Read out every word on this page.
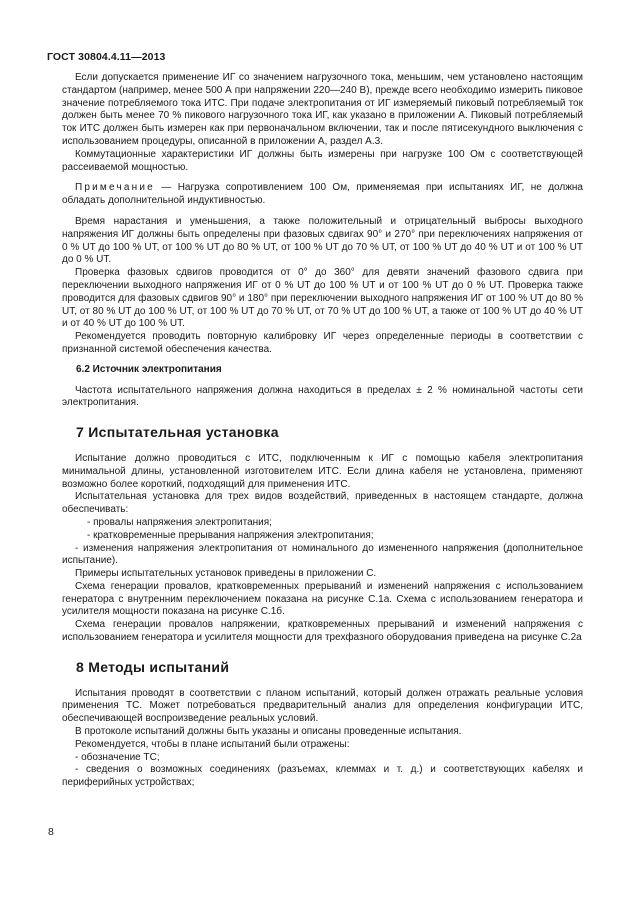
ГОСТ 30804.4.11—2013

Если допускается применение ИГ со значением нагрузочного тока, меньшим, чем установлено настоящим стандартом (например, менее 500 А при напряжении 220—240 В), прежде всего необходимо измерить пиковое значение потребляемого тока ИТС. При подаче электропитания от ИГ измеряемый пиковый потребляемый ток должен быть менее 70 % пикового нагрузочного тока ИГ, как указано в приложении А. Пиковый потребляемый ток ИТС должен быть измерен как при первоначальном включении, так и после пятисекундного выключения с использованием процедуры, описанной в приложении А, раздел А.3.

Коммутационные характеристики ИГ должны быть измерены при нагрузке 100 Ом с соответствующей рассеиваемой мощностью.

Примечание — Нагрузка сопротивлением 100 Ом, применяемая при испытаниях ИГ, не должна обладать дополнительной индуктивностью.

Время нарастания и уменьшения, а также положительный и отрицательный выбросы выходного напряжения ИГ должны быть определены при фазовых сдвигах 90° и 270° при переключениях напряжения от 0 % UT до 100 % UT, от 100 % UT до 80 % UT, от 100 % UT до 70 % UT, от 100 % UT до 40 % UT и от 100 % UT до 0 % UT.

Проверка фазовых сдвигов проводится от 0° до 360° для девяти значений фазового сдвига при переключении выходного напряжения ИГ от 0 % UT до 100 % UT и от 100 % UT до 0 % UT. Проверка также проводится для фазовых сдвигов 90° и 180° при переключении выходного напряжения ИГ от 100 % UT до 80 % UT, от 80 % UT до 100 % UT, от 100 % UT до 70 % UT, от 70 % UT до 100 % UT, а также от 100 % UT до 40 % UT и от 40 % UT до 100 % UT.

Рекомендуется проводить повторную калибровку ИГ через определенные периоды в соответствии с признанной системой обеспечения качества.

6.2 Источник электропитания

Частота испытательного напряжения должна находиться в пределах ± 2 % номинальной частоты сети электропитания.

7 Испытательная установка

Испытание должно проводиться с ИТС, подключенным к ИГ с помощью кабеля электропитания минимальной длины, установленной изготовителем ИТС. Если длина кабеля не установлена, применяют возможно более короткий, подходящий для применения ИТС.

Испытательная установка для трех видов воздействий, приведенных в настоящем стандарте, должна обеспечивать:

- провалы напряжения электропитания;

- кратковременные прерывания напряжения электропитания;

- изменения напряжения электропитания от номинального до измененного напряжения (дополнительное испытание).

Примеры испытательных установок приведены в приложении С.

Схема генерации провалов, кратковременных прерываний и изменений напряжения с использованием генератора с внутренним переключением показана на рисунке С.1а. Схема с использованием генератора и усилителя мощности показана на рисунке С.1б.

Схема генерации провалов напряжении, кратковременных прерываний и изменений напряжения с использованием генератора и усилителя мощности для трехфазного оборудования приведена на рисунке С.2а

8 Методы испытаний

Испытания проводят в соответствии с планом испытаний, который должен отражать реальные условия применения ТС. Может потребоваться предварительный анализ для определения конфигурации ИТС, обеспечивающей воспроизведение реальных условий.

В протоколе испытаний должны быть указаны и описаны проведенные испытания.

Рекомендуется, чтобы в плане испытаний были отражены:

- обозначение ТС;

- сведения о возможных соединениях (разъемах, клеммах и т. д.) и соответствующих кабелях и периферийных устройствах;

8
